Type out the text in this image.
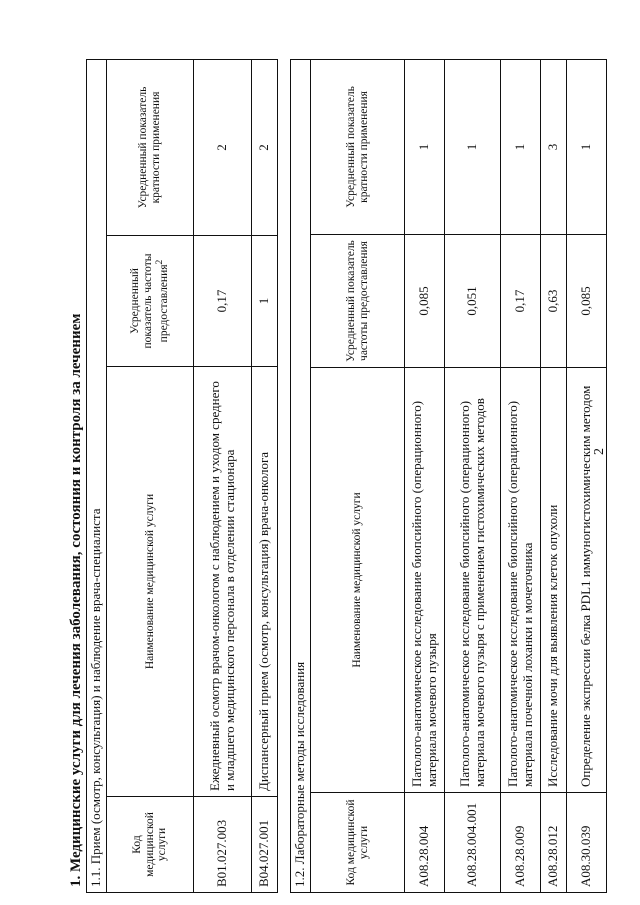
2
1. Медицинские услуги для лечения заболевания, состояния и контроля за лечением 1.1. Прием (осмотр, консультация) и наблюдение врача-специалиста			
Код медицинской услуги	Наименование медицинской услуги	Усредненный показатель частоты предоставления$^2$	Усредненный показатель кратности применения
В01.027.003	Ежедневный осмотр врачом-онкологом с наблюдением и уходом среднего и младшего медицинского персонала в отделении стационара	0,17	2
В04.027.001	Диспансерный прием (осмотр, консультация) врача-онколога	1	2
1.2. Лабораторные методы исследования			
Код медицинской услуги	Наименование медицинской услуги	Усредненный показатель частоты предоставления	Усредненный показатель кратности применения
A08.28.004	Патолого-анатомическое исследование биопсийного (операционного) материала мочевого пузыря	0,085	1
A08.28.004.001	Патолого-анатомическое исследование биопсийного (операционного) материала мочевого пузыря с применением гистохимических методов	0,051	1
A08.28.009	Патолого-анатомическое исследование биопсийного (операционного) материала почечной лоханки и мочеточника	0,17	1
A08.28.012	Исследование мочи для выявления клеток опухоли	0,63	3
A08.30.039	Определение экспрессии белка PDL1 иммуногистохимическим методом	0,085	1
